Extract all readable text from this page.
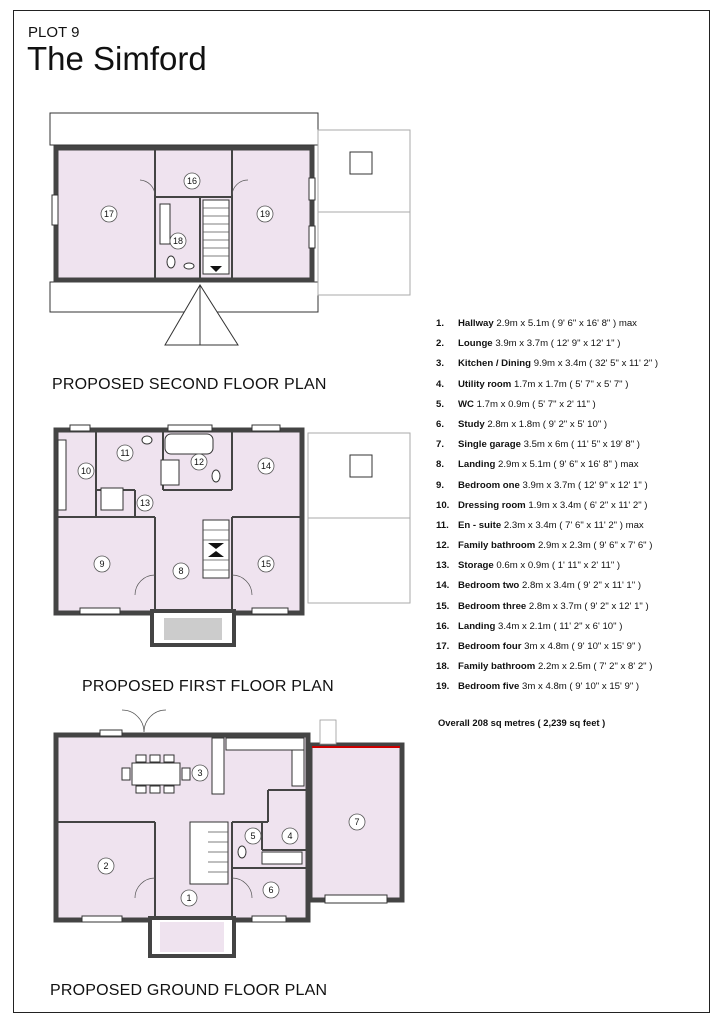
PLOT 9
The Simford
17
16
18
19
10
11
12	14
13
9
8
15
3
2
1
5	4
6
7
PROPOSED SECOND FLOOR PLAN
PROPOSED FIRST FLOOR PLAN
PROPOSED GROUND FLOOR PLAN
1. Hallway 2.9m x 5.1m ( 9' 6" x 16' 8" ) max
2. Lounge 3.9m x 3.7m ( 12' 9" x 12' 1" )
3. Kitchen / Dining 9.9m x 3.4m ( 32' 5" x 11' 2" )
4. Utility room 1.7m x 1.7m ( 5' 7" x 5' 7" )
5. WC 1.7m x 0.9m ( 5' 7" x 2' 11" )
6. Study 2.8m x 1.8m ( 9' 2" x 5' 10" )
7. Single garage 3.5m x 6m ( 11' 5" x 19' 8" )
8. Landing 2.9m x 5.1m ( 9' 6" x 16' 8" ) max
9. Bedroom one 3.9m x 3.7m ( 12' 9" x 12' 1" )
10. Dressing room 1.9m x 3.4m ( 6' 2" x 11' 2" )
11. En - suite 2.3m x 3.4m ( 7' 6" x 11' 2" ) max
12. Family bathroom 2.9m x 2.3m ( 9' 6" x 7' 6" )
13. Storage 0.6m x 0.9m ( 1' 11" x 2' 11" )
14. Bedroom two 2.8m x 3.4m ( 9' 2" x 11' 1" )
15. Bedroom three 2.8m x 3.7m ( 9' 2" x 12' 1" )
16. Landing 3.4m x 2.1m ( 11' 2" x 6' 10" )
17. Bedroom four 3m x 4.8m ( 9' 10" x 15' 9" )
18. Family bathroom 2.2m x 2.5m ( 7' 2" x 8' 2" )
19. Bedroom five 3m x 4.8m ( 9' 10" x 15' 9" )
Overall 208 sq metres ( 2,239 sq feet )
